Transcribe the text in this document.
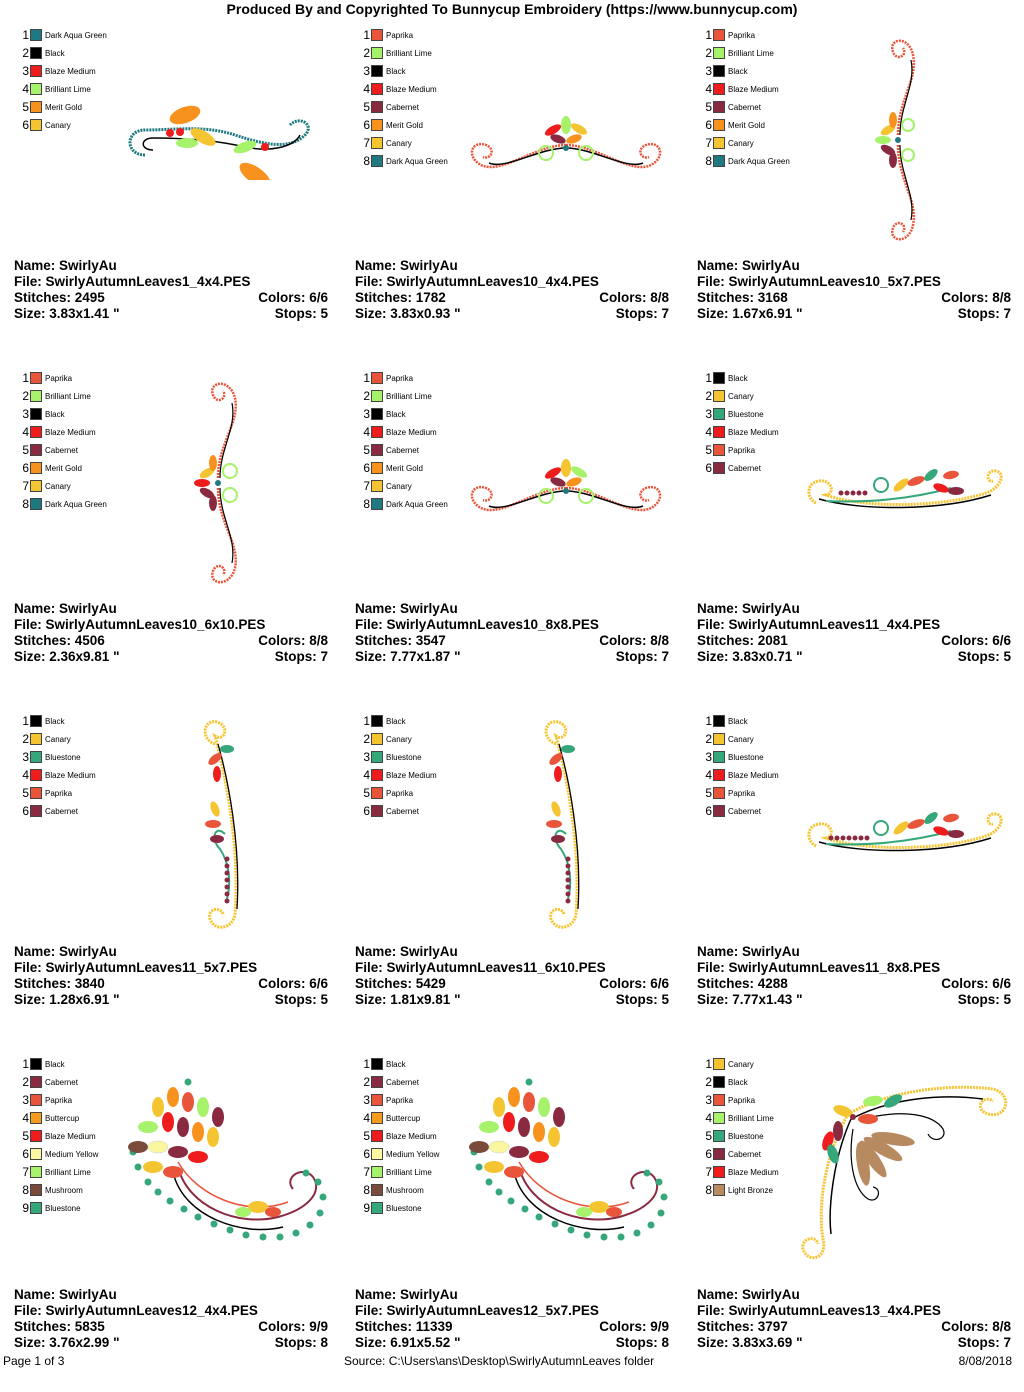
Produced By and Copyrighted To Bunnycup Embroidery (https://www.bunnycup.com)
1 Dark Aqua Green
2 Black
3 Blaze Medium
4 Brilliant Lime
5 Merit Gold
6 Canary
Name: SwirlyAu
File: SwirlyAutumnLeaves1_4x4.PES
Stitches: 2495	Colors: 6/6
Size: 3.83x1.41 "	Stops: 5
1 Paprika
2 Brilliant Lime
3 Black
4 Blaze Medium
5 Cabernet
6 Merit Gold
7 Canary
8 Dark Aqua Green
Name: SwirlyAu
File: SwirlyAutumnLeaves10_4x4.PES
Stitches: 1782	Colors: 8/8
Size: 3.83x0.93 "	Stops: 7
1 Paprika
2 Brilliant Lime
3 Black
4 Blaze Medium
5 Cabernet
6 Merit Gold
7 Canary
8 Dark Aqua Green
Name: SwirlyAu
File: SwirlyAutumnLeaves10_5x7.PES
Stitches: 3168	Colors: 8/8
Size: 1.67x6.91 "	Stops: 7
1 Paprika
2 Brilliant Lime
3 Black
4 Blaze Medium
5 Cabernet
6 Merit Gold
7 Canary
8 Dark Aqua Green
Name: SwirlyAu
File: SwirlyAutumnLeaves10_6x10.PES
Stitches: 4506	Colors: 8/8
Size: 2.36x9.81 "	Stops: 7
1 Paprika
2 Brilliant Lime
3 Black
4 Blaze Medium
5 Cabernet
6 Merit Gold
7 Canary
8 Dark Aqua Green
Name: SwirlyAu
File: SwirlyAutumnLeaves10_8x8.PES
Stitches: 3547	Colors: 8/8
Size: 7.77x1.87 "	Stops: 7
1 Black
2 Canary
3 Bluestone
4 Blaze Medium
5 Paprika
6 Cabernet
Name: SwirlyAu
File: SwirlyAutumnLeaves11_4x4.PES
Stitches: 2081	Colors: 6/6
Size: 3.83x0.71 "	Stops: 5
1 Black
2 Canary
3 Bluestone
4 Blaze Medium
5 Paprika
6 Cabernet
Name: SwirlyAu
File: SwirlyAutumnLeaves11_5x7.PES
Stitches: 3840	Colors: 6/6
Size: 1.28x6.91 "	Stops: 5
1 Black
2 Canary
3 Bluestone
4 Blaze Medium
5 Paprika
6 Cabernet
Name: SwirlyAu
File: SwirlyAutumnLeaves11_6x10.PES
Stitches: 5429	Colors: 6/6
Size: 1.81x9.81 "	Stops: 5
1 Black
2 Canary
3 Bluestone
4 Blaze Medium
5 Paprika
6 Cabernet
Name: SwirlyAu
File: SwirlyAutumnLeaves11_8x8.PES
Stitches: 4288	Colors: 6/6
Size: 7.77x1.43 "	Stops: 5
1 Black
2 Cabernet
3 Paprika
4 Buttercup
5 Blaze Medium
6 Medium Yellow
7 Brilliant Lime
8 Mushroom
9 Bluestone
Name: SwirlyAu
File: SwirlyAutumnLeaves12_4x4.PES
Stitches: 5835	Colors: 9/9
Size: 3.76x2.99 "	Stops: 8
1 Black
2 Cabernet
3 Paprika
4 Buttercup
5 Blaze Medium
6 Medium Yellow
7 Brilliant Lime
8 Mushroom
9 Bluestone
Name: SwirlyAu
File: SwirlyAutumnLeaves12_5x7.PES
Stitches: 11339	Colors: 9/9
Size: 6.91x5.52 "	Stops: 8
1 Canary
2 Black
3 Paprika
4 Brilliant Lime
5 Bluestone
6 Cabernet
7 Blaze Medium
8 Light Bronze
Name: SwirlyAu
File: SwirlyAutumnLeaves13_4x4.PES
Stitches: 3797	Colors: 8/8
Size: 3.83x3.69 "	Stops: 7
Page 1 of 3	Source: C:\Users\ans\Desktop\SwirlyAutumnLeaves folder	8/08/2018
